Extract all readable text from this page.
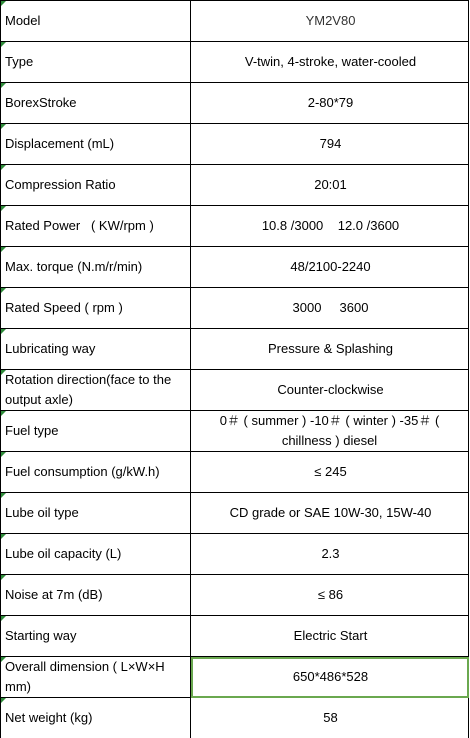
Model	YM2V80
Type	V-twin, 4-stroke, water-cooled
BorexStroke	2-80*79
Displacement (mL)	794
Compression Ratio	20:01
Rated Power   ( KW/rpm )	10.8 /3000    12.0 /3600
Max. torque (N.m/r/min)	48/2100-2240
Rated Speed ( rpm )	3000     3600
Lubricating way	Pressure & Splashing
Rotation direction(face to the output axle)	Counter-clockwise
Fuel type	0＃ ( summer ) -10＃ ( winter ) -35＃ ( chillness ) diesel
Fuel consumption (g/kW.h)	≤ 245
Lube oil type	CD grade or SAE 10W-30, 15W-40
Lube oil capacity (L)	2.3
Noise at 7m (dB)	≤ 86
Starting way	Electric Start
Overall dimension ( L×W×H mm)	650*486*528
Net weight (kg)	58
